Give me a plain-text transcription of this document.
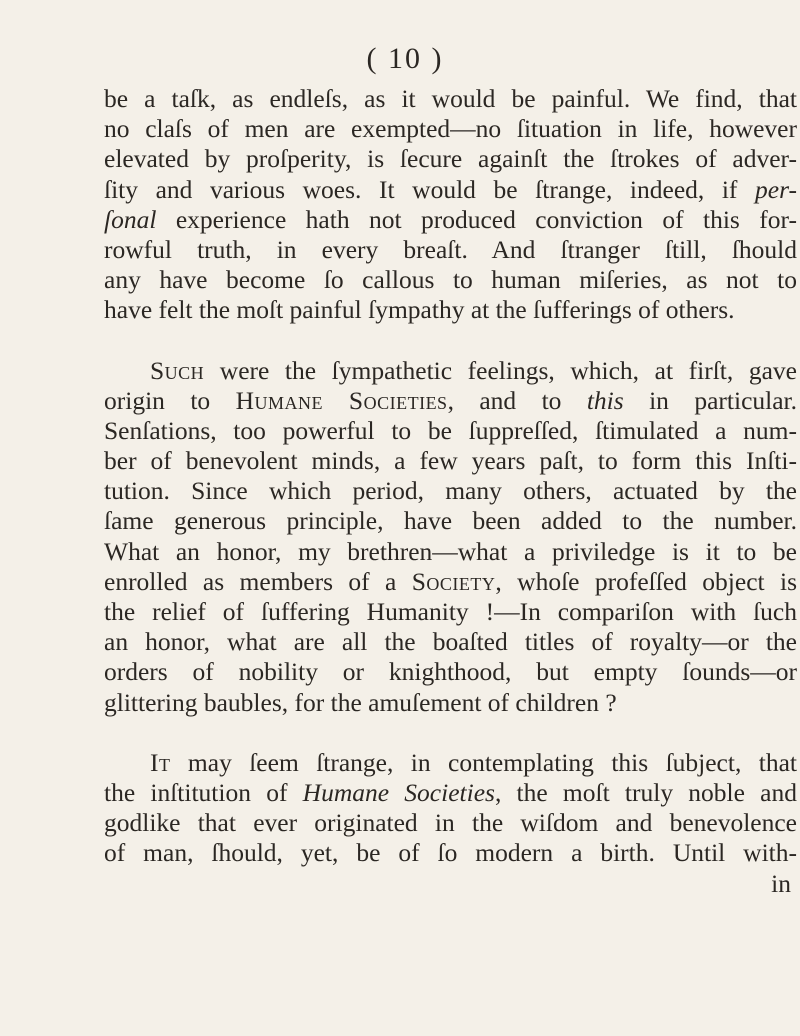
( 10 )
be a taſk, as endleſs, as it would be painful. We find, that
no claſs of men are exempted—no ſituation in life, however
elevated by proſperity, is ſecure againſt the ſtrokes of adver-
ſity and various woes. It would be ſtrange, indeed, if per-
ſonal experience hath not produced conviction of this for-
rowful truth, in every breaſt. And ſtranger ſtill, ſhould
any have become ſo callous to human miſeries, as not to
have felt the moſt painful ſympathy at the ſufferings of others.
Such were the ſympathetic feelings, which, at firſt, gave
origin to Humane Societies, and to this in particular.
Senſations, too powerful to be ſuppreſſed, ſtimulated a num-
ber of benevolent minds, a few years paſt, to form this Inſti-
tution. Since which period, many others, actuated by the
ſame generous principle, have been added to the number.
What an honor, my brethren—what a priviledge is it to be
enrolled as members of a Society, whoſe profeſſed object is
the relief of ſuffering Humanity !—In compariſon with ſuch
an honor, what are all the boaſted titles of royalty—or the
orders of nobility or knighthood, but empty ſounds—or
glittering baubles, for the amuſement of children ?
It may ſeem ſtrange, in contemplating this ſubject, that
the inſtitution of Humane Societies, the moſt truly noble and
godlike that ever originated in the wiſdom and benevolence
of man, ſhould, yet, be of ſo modern a birth. Until with-
in
